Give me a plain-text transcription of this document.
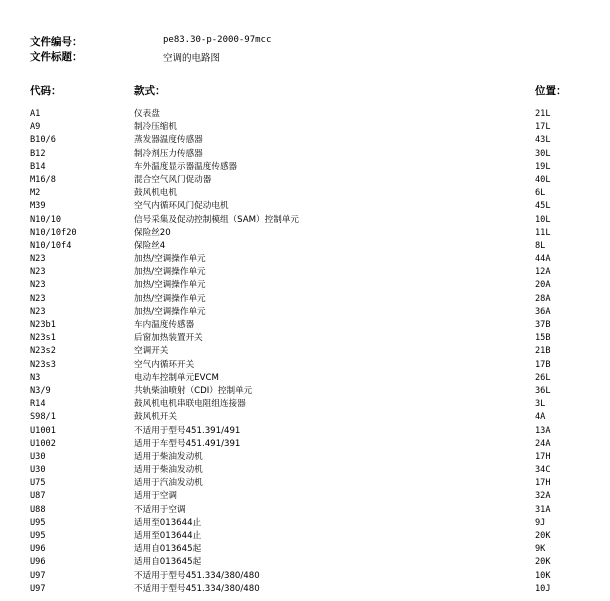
文件编号：	pe83.30-p-2000-97mcc
文件标题：	空调的电路图
代码：	款式：	位置：
A1	仪表盘	21L
A9	制冷压缩机	17L
B10/6	蒸发器温度传感器	43L
B12	制冷剂压力传感器	30L
B14	车外温度显示器温度传感器	19L
M16/8	混合空气风门促动器	40L
M2	鼓风机电机	6L
M39	空气内循环风门促动电机	45L
N10/10	信号采集及促动控制模组（SAM）控制单元	10L
N10/10f20	保险丝20	11L
N10/10f4	保险丝4	8L
N23	加热/空调操作单元	44A
N23	加热/空调操作单元	12A
N23	加热/空调操作单元	20A
N23	加热/空调操作单元	28A
N23	加热/空调操作单元	36A
N23b1	车内温度传感器	37B
N23s1	后窗加热装置开关	15B
N23s2	空调开关	21B
N23s3	空气内循环开关	17B
N3	电动车控制单元EVCM	26L
N3/9	共轨柴油喷射（CDI）控制单元	36L
R14	鼓风机电机串联电阻组连接器	3L
S98/1	鼓风机开关	4A
U1001	不适用于型号451.391/491	13A
U1002	适用于车型号451.491/391	24A
U30	适用于柴油发动机	17H
U30	适用于柴油发动机	34C
U75	适用于汽油发动机	17H
U87	适用于空调	32A
U88	不适用于空调	31A
U95	适用至013644止	9J
U95	适用至013644止	20K
U96	适用自013645起	9K
U96	适用自013645起	20K
U97	不适用于型号451.334/380/480	10K
U97	不适用于型号451.334/380/480	10J
